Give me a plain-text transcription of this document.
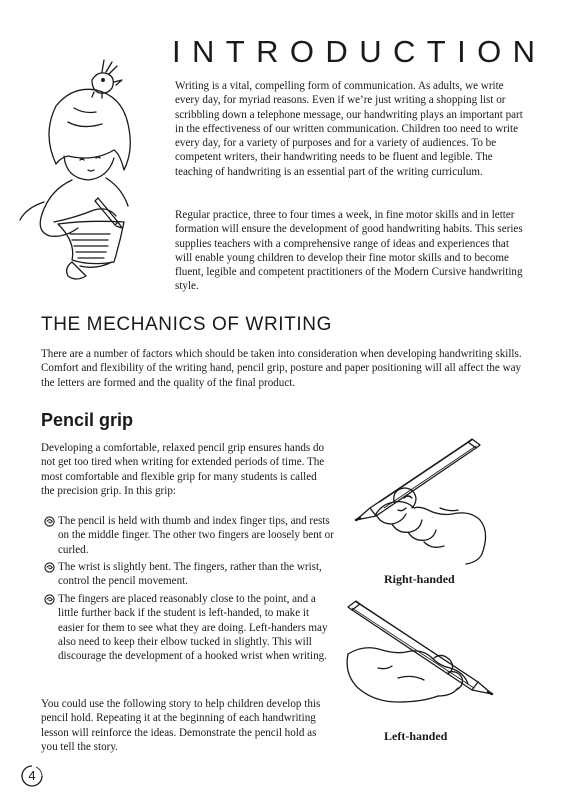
INTRODUCTION

Writing is a vital, compelling form of communication. As adults, we write every day, for myriad reasons. Even if we’re just writing a shopping list or scribbling down a telephone message, our handwriting plays an important part in the effectiveness of our written communication. Children too need to write every day, for a variety of purposes and for a variety of audiences. To be competent writers, their handwriting needs to be fluent and legible. The teaching of handwriting is an essential part of the writing curriculum.

Regular practice, three to four times a week, in fine motor skills and in letter formation will ensure the development of good handwriting habits. This series supplies teachers with a comprehensive range of ideas and experiences that will enable young children to develop their fine motor skills and to become fluent, legible and competent practitioners of the Modern Cursive handwriting style.

THE MECHANICS OF WRITING

There are a number of factors which should be taken into consideration when developing handwriting skills. Comfort and flexibility of the writing hand, pencil grip, posture and paper positioning will all affect the way the letters are formed and the quality of the final product.

Pencil grip

Developing a comfortable, relaxed pencil grip ensures hands do not get too tired when writing for extended periods of time. The most comfortable and flexible grip for many students is called the precision grip. In this grip:

The pencil is held with thumb and index finger tips, and rests on the middle finger. The other two fingers are loosely bent or curled.
The wrist is slightly bent. The fingers, rather than the wrist, control the pencil movement.
The fingers are placed reasonably close to the point, and a little further back if the student is left-handed, to make it easier for them to see what they are doing. Left-handers may also need to keep their elbow tucked in slightly. This will discourage the development of a hooked wrist when writing.

You could use the following story to help children develop this pencil hold. Repeating it at the beginning of each handwriting lesson will reinforce the ideas. Demonstrate the pencil hold as you tell the story.

Right-handed
Left-handed
4
